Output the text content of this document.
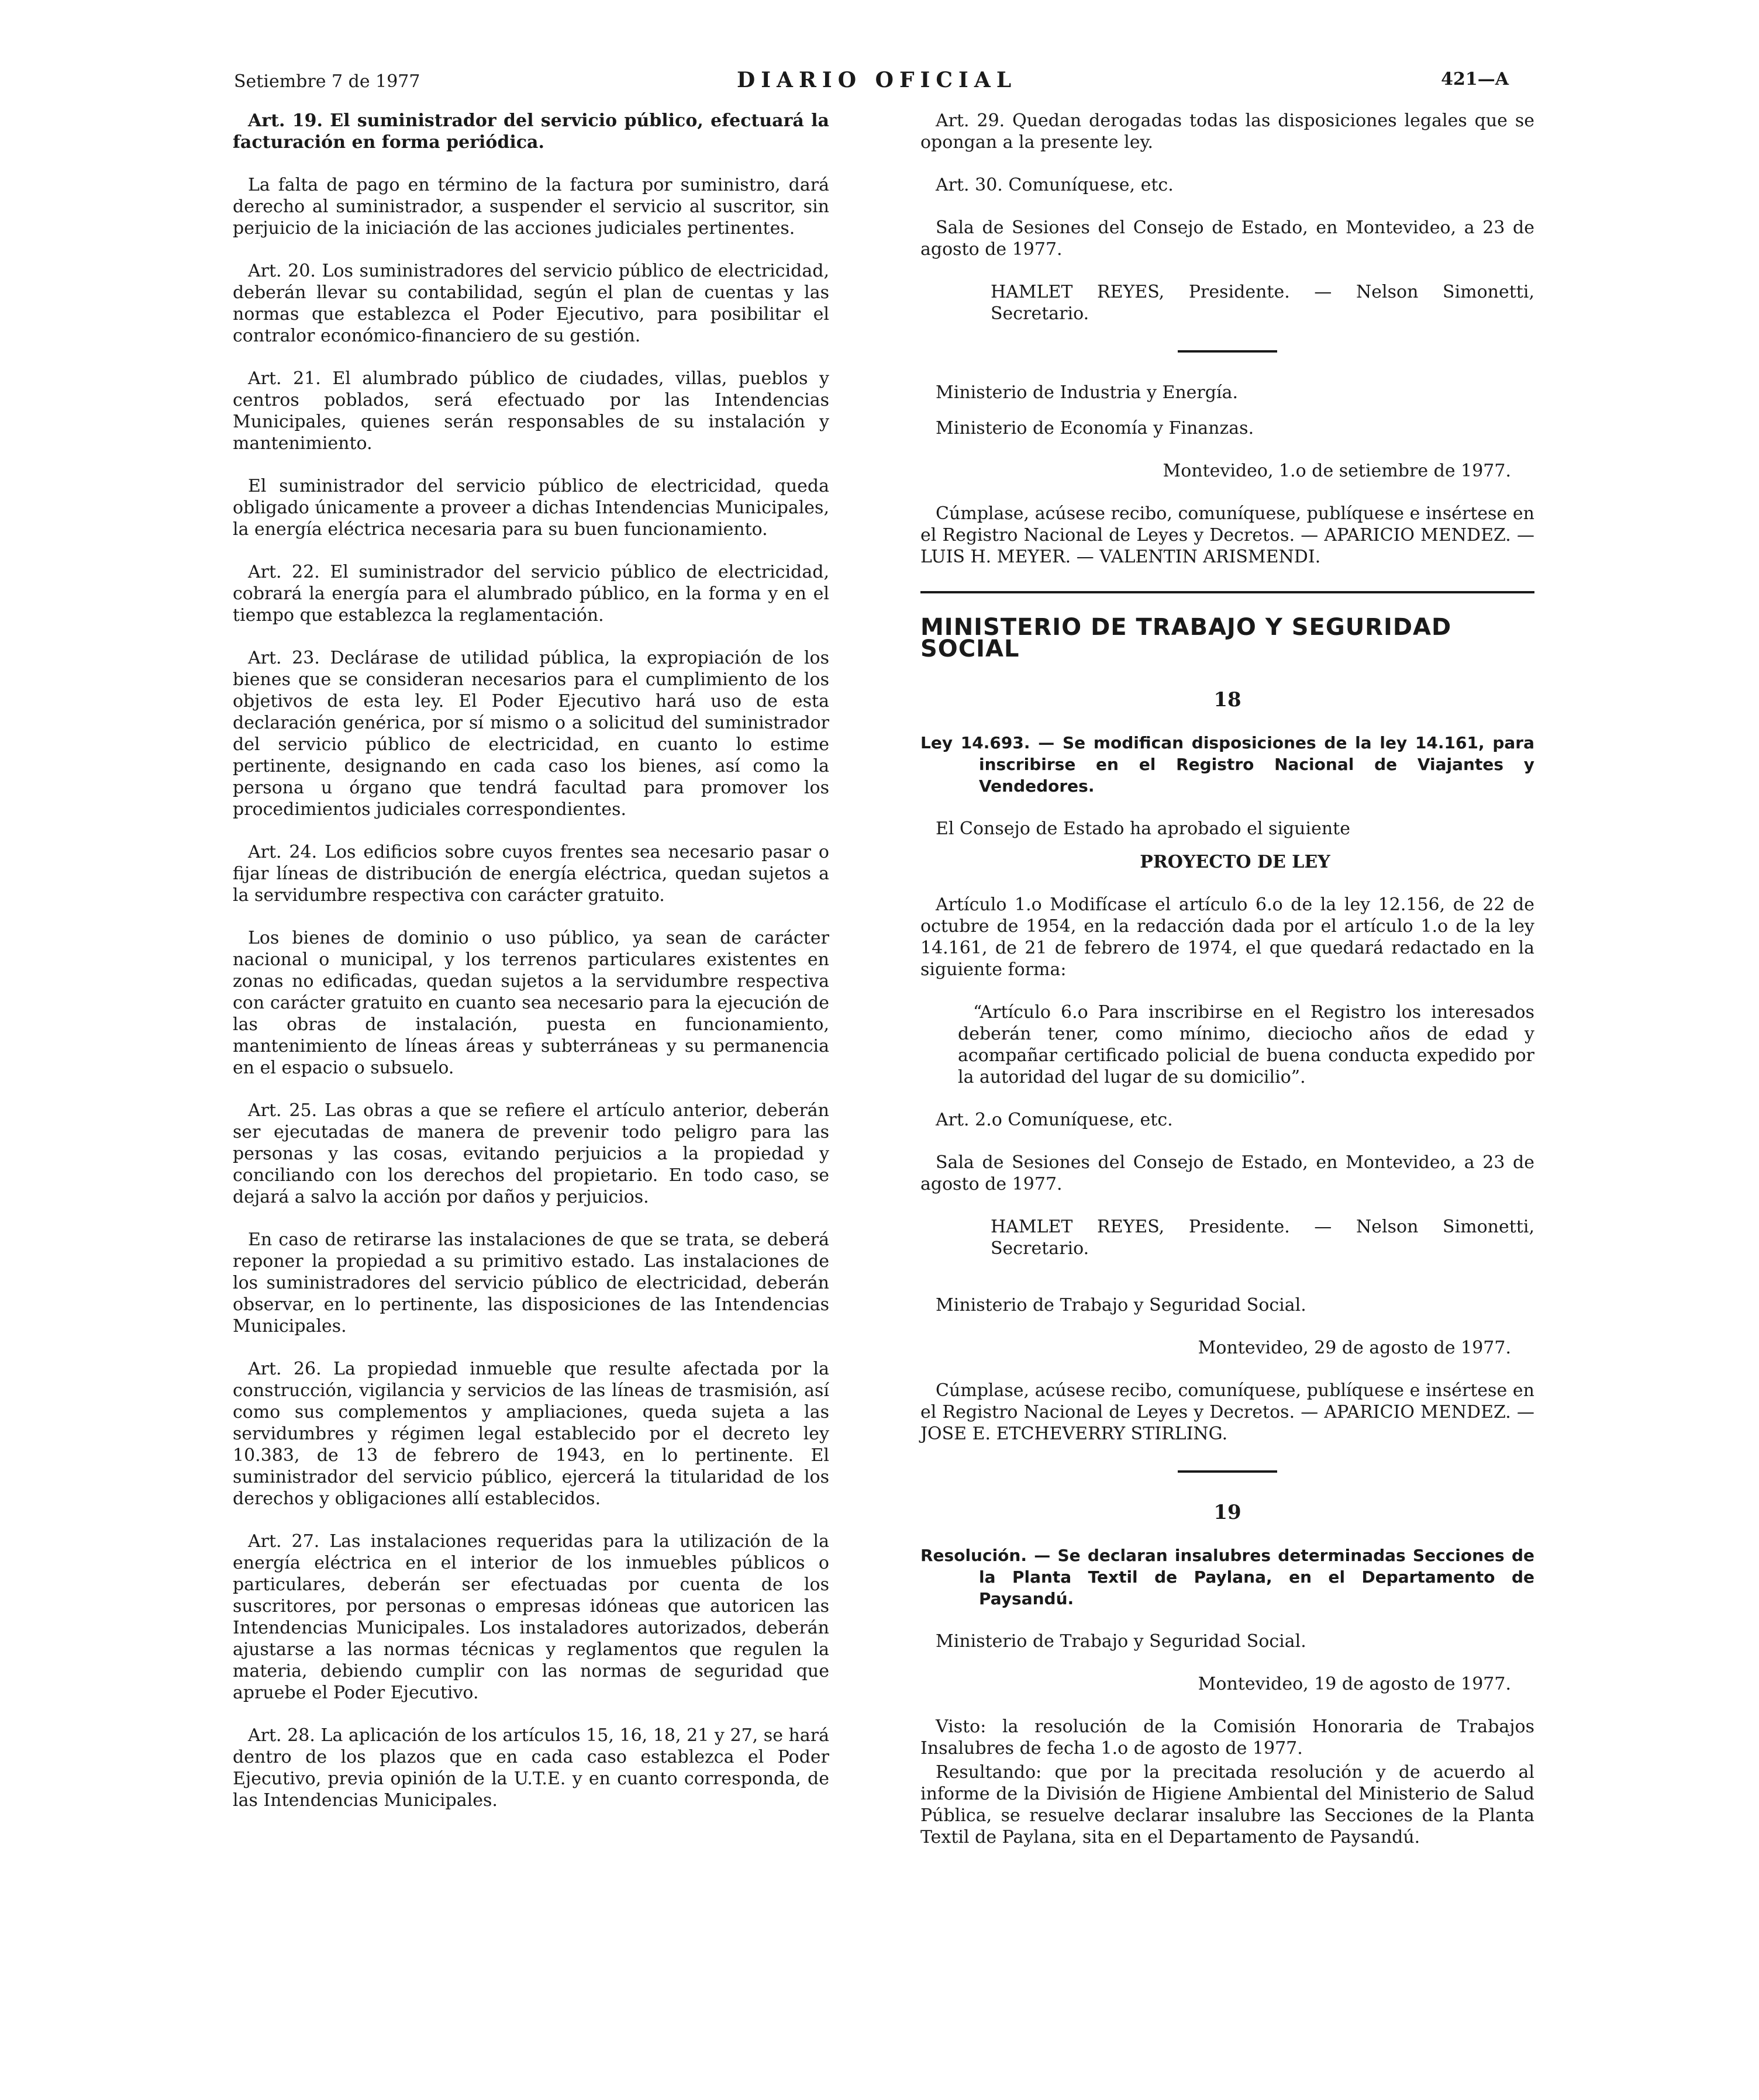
Setiembre 7 de 1977	DIARIO OFICIAL	421—A

Art. 19. El suministrador del servicio público, efectuará la facturación en forma periódica.

La falta de pago en término de la factura por suministro, dará derecho al suministrador, a suspender el servicio al suscritor, sin perjuicio de la iniciación de las acciones judiciales pertinentes.

Art. 20. Los suministradores del servicio público de electricidad, deberán llevar su contabilidad, según el plan de cuentas y las normas que establezca el Poder Ejecutivo, para posibilitar el contralor económico-financiero de su gestión.

Art. 21. El alumbrado público de ciudades, villas, pueblos y centros poblados, será efectuado por las Intendencias Municipales, quienes serán responsables de su instalación y mantenimiento.

El suministrador del servicio público de electricidad, queda obligado únicamente a proveer a dichas Intendencias Municipales, la energía eléctrica necesaria para su buen funcionamiento.

Art. 22. El suministrador del servicio público de electricidad, cobrará la energía para el alumbrado público, en la forma y en el tiempo que establezca la reglamentación.

Art. 23. Declárase de utilidad pública, la expropiación de los bienes que se consideran necesarios para el cumplimiento de los objetivos de esta ley. El Poder Ejecutivo hará uso de esta declaración genérica, por sí mismo o a solicitud del suministrador del servicio público de electricidad, en cuanto lo estime pertinente, designando en cada caso los bienes, así como la persona u órgano que tendrá facultad para promover los procedimientos judiciales correspondientes.

Art. 24. Los edificios sobre cuyos frentes sea necesario pasar o fijar líneas de distribución de energía eléctrica, quedan sujetos a la servidumbre respectiva con carácter gratuito.

Los bienes de dominio o uso público, ya sean de carácter nacional o municipal, y los terrenos particulares existentes en zonas no edificadas, quedan sujetos a la servidumbre respectiva con carácter gratuito en cuanto sea necesario para la ejecución de las obras de instalación, puesta en funcionamiento, mantenimiento de líneas áreas y subterráneas y su permanencia en el espacio o subsuelo.

Art. 25. Las obras a que se refiere el artículo anterior, deberán ser ejecutadas de manera de prevenir todo peligro para las personas y las cosas, evitando perjuicios a la propiedad y conciliando con los derechos del propietario. En todo caso, se dejará a salvo la acción por daños y perjuicios.

En caso de retirarse las instalaciones de que se trata, se deberá reponer la propiedad a su primitivo estado. Las instalaciones de los suministradores del servicio público de electricidad, deberán observar, en lo pertinente, las disposiciones de las Intendencias Municipales.

Art. 26. La propiedad inmueble que resulte afectada por la construcción, vigilancia y servicios de las líneas de trasmisión, así como sus complementos y ampliaciones, queda sujeta a las servidumbres y régimen legal establecido por el decreto ley 10.383, de 13 de febrero de 1943, en lo pertinente. El suministrador del servicio público, ejercerá la titularidad de los derechos y obligaciones allí establecidos.

Art. 27. Las instalaciones requeridas para la utilización de la energía eléctrica en el interior de los inmuebles públicos o particulares, deberán ser efectuadas por cuenta de los suscritores, por personas o empresas idóneas que autoricen las Intendencias Municipales. Los instaladores autorizados, deberán ajustarse a las normas técnicas y reglamentos que regulen la materia, debiendo cumplir con las normas de seguridad que apruebe el Poder Ejecutivo.

Art. 28. La aplicación de los artículos 15, 16, 18, 21 y 27, se hará dentro de los plazos que en cada caso establezca el Poder Ejecutivo, previa opinión de la U.T.E. y en cuanto corresponda, de las Intendencias Municipales.

Art. 29. Quedan derogadas todas las disposiciones legales que se opongan a la presente ley.

Art. 30. Comuníquese, etc.

Sala de Sesiones del Consejo de Estado, en Montevideo, a 23 de agosto de 1977.

HAMLET REYES, Presidente. — Nelson Simonetti, Secretario.

Ministerio de Industria y Energía.

Ministerio de Economía y Finanzas.

Montevideo, 1.o de setiembre de 1977.

Cúmplase, acúsese recibo, comuníquese, publíquese e insértese en el Registro Nacional de Leyes y Decretos. — APARICIO MENDEZ. — LUIS H. MEYER. — VALENTIN ARISMENDI.

MINISTERIO DE TRABAJO Y SEGURIDAD SOCIAL
18

Ley 14.693. — Se modifican disposiciones de la ley 14.161, para inscribirse en el Registro Nacional de Viajantes y Vendedores.

El Consejo de Estado ha aprobado el siguiente

PROYECTO DE LEY

Artículo 1.o Modifícase el artículo 6.o de la ley 12.156, de 22 de octubre de 1954, en la redacción dada por el artículo 1.o de la ley 14.161, de 21 de febrero de 1974, el que quedará redactado en la siguiente forma:

“Artículo 6.o Para inscribirse en el Registro los interesados deberán tener, como mínimo, dieciocho años de edad y acompañar certificado policial de buena conducta expedido por la autoridad del lugar de su domicilio”.

Art. 2.o Comuníquese, etc.

Sala de Sesiones del Consejo de Estado, en Montevideo, a 23 de agosto de 1977.

HAMLET REYES, Presidente. — Nelson Simonetti, Secretario.

Ministerio de Trabajo y Seguridad Social.

Montevideo, 29 de agosto de 1977.

Cúmplase, acúsese recibo, comuníquese, publíquese e insértese en el Registro Nacional de Leyes y Decretos. — APARICIO MENDEZ. — JOSE E. ETCHEVERRY STIRLING.

19

Resolución. — Se declaran insalubres determinadas Secciones de la Planta Textil de Paylana, en el Departamento de Paysandú.

Ministerio de Trabajo y Seguridad Social.

Montevideo, 19 de agosto de 1977.

Visto: la resolución de la Comisión Honoraria de Trabajos Insalubres de fecha 1.o de agosto de 1977.

Resultando: que por la precitada resolución y de acuerdo al informe de la División de Higiene Ambiental del Ministerio de Salud Pública, se resuelve declarar insalubre las Secciones de la Planta Textil de Paylana, sita en el Departamento de Paysandú.
